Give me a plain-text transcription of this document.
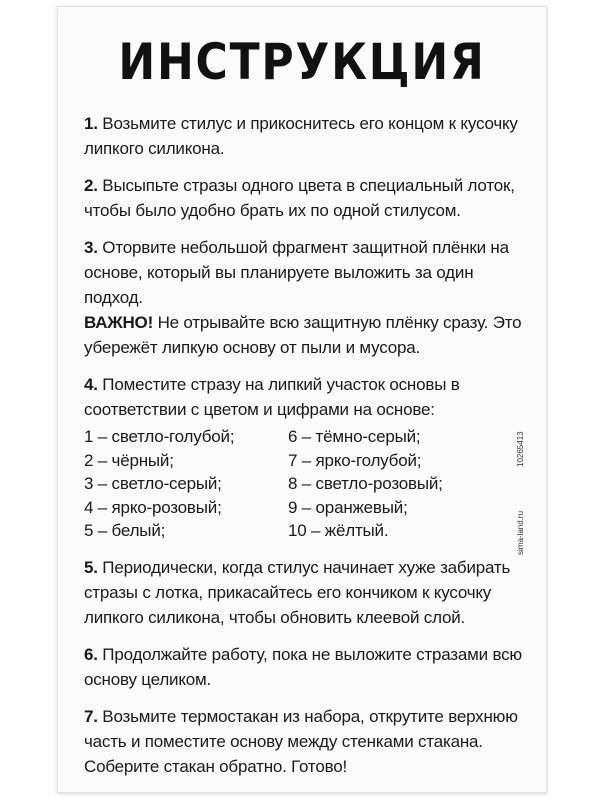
ИНСТРУКЦИЯ

1. Возьмите стилус и прикоснитесь его концом к кусочку липкого силикона.

2. Высыпьте стразы одного цвета в специальный лоток, чтобы было удобно брать их по одной стилусом.

3. Оторвите небольшой фрагмент защитной плёнки на основе, который вы планируете выложить за один подход.

ВАЖНО! Не отрывайте всю защитную плёнку сразу. Это убережёт липкую основу от пыли и мусора.

4. Поместите стразу на липкий участок основы в соответствии с цветом и цифрами на основе:

1 – светло-голубой;	6 – тёмно-серый;
2 – чёрный;	7 – ярко-голубой;
3 – светло-серый;	8 – светло-розовый;
4 – ярко-розовый;	9 – оранжевый;
5 – белый;	10 – жёлтый.

5. Периодически, когда стилус начинает хуже забирать стразы с лотка, прикасайтесь его кончиком к кусочку липкого силикона, чтобы обновить клеевой слой.

6. Продолжайте работу, пока не выложите стразами всю основу целиком.

7. Возьмите термостакан из набора, открутите верхнюю часть и поместите основу между стенками стакана. Соберите стакан обратно. Готово!

10265413
sima-land.ru
